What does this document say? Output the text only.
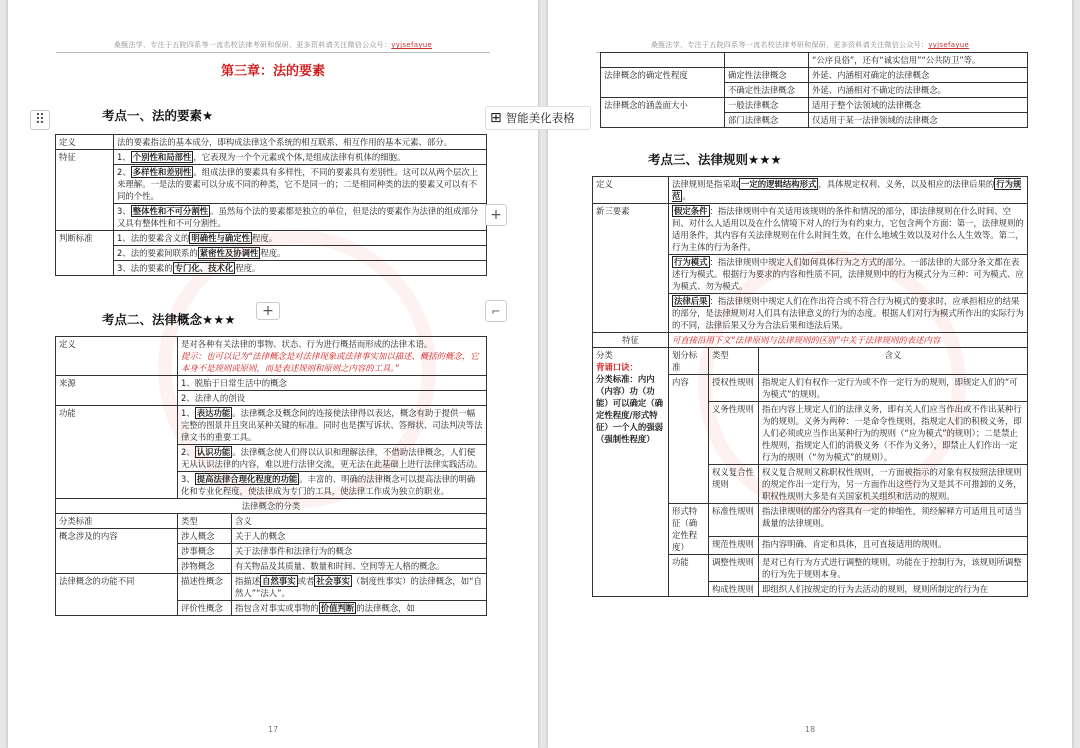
桑甄法学，专注于五院四系等一流名校法律考研和保研，更多资料请关注微信公众号：yyjsefayue
第三章：法的要素
考点一、法的要素★
定义	法的要素指法的基本成分，即构成法律这个系统的相互联系、相互作用的基本元素、部分。
特征	1、 个别性和局部性 ，它表现为一个个元素或个体,是组成法律有机体的细胞。
	2、 多样性和差别性 。组成法律的要素具有多样性，不同的要素具有差别性。这可以从两个层次上来理解。一是法的要素可以分成不同的种类，它不是同一的；二是相同种类的法的要素又可以有不同的个性。
	3、 整体性和不可分割性 。虽然每个法的要素都是独立的单位，但是法的要素作为法律的组成部分又具有整体性和不可分割性。
判断标准	1、法的要素含义的 明确性与确定性 程度。
	2、法的要素间联系的 紧密性及协调性 程度。
	3、法的要素的 专门化、技术化 程度。
考点二、法律概念★★★
定义	是对各种有关法律的事物、状态、行为进行概括而形成的法律术语。
提示：也可以记为“法律概念是对法律现象或法律事实加以描述、概括的概念，它本身不是规则或原则，而是表述规则和原则之内容的工具。”	
来源	1、脱胎于日常生活中的概念	
	2、法律人的创设	
功能	1、 表达功能 。法律概念及概念间的连接使法律得以表达，概念有助于提供一幅完整的图景并且突出某种关键的标准。同时也是撰写诉状、答辩状、司法判决等法律文书的重要工具。	
	2、 认识功能 。法律概念使人们得以认识和理解法律，不借助法律概念，人们便无从认识法律的内容，难以进行法律交流，更无法在此基础上进行法律实践活动。	
	3、 提高法律合理化程度的功能 。丰富的、明确的法律概念可以提高法律的明确化和专业化程度，使法律成为专门的工具，使法律工作成为独立的职业。	
法律概念的分类		
分类标准	类型	含义
概念涉及的内容	涉人概念	关于人的概念
	涉事概念	关于法律事件和法律行为的概念
	涉物概念	有关物品及其质量、数量和时间、空间等无人格的概念。
法律概念的功能不同	描述性概念	指描述 自然事实 或者 社会事实 （制度性事实）的法律概念，如“自然人”“法人”。
	评价性概念	指包含对事实或事物的 价值判断 的法律概念，如
17
⠿
+
桑甄法学，专注于五院四系等一流名校法律考研和保研，更多资料请关注微信公众号：yyjsefayue
		“公序良俗”，还有“诚实信用”“公共防卫”等。
法律概念的确定性程度	确定性法律概念	外延、内涵相对确定的法律概念
	不确定性法律概念	外延、内涵相对不确定的法律概念。
法律概念的涵盖面大小	一般法律概念	适用于整个法领域的法律概念
	部门法律概念	仅适用于某一法律领域的法律概念
考点三、法律规则★★★
定义	法律规则是指采取 一定的逻辑结构形式 ，具体规定权利、义务，以及相应的法律后果的 行为规范 。		
新三要素	假定条件 ：指法律规则中有关适用该规则的条件和情况的部分，即法律规则在什么时间、空间、对什么人适用以及在什么情境下对人的行为有约束力，它包含两个方面：第一，法律规则的适用条件，其内容有关法律规则在什么时间生效，在什么地域生效以及对什么人生效等。第二，行为主体的行为条件。		
	行为模式 ：指法律规则中规定人们如何具体行为之方式的部分。一部法律的大部分条文都在表述行为模式。根据行为要求的内容和性质不同，法律规则中的行为模式分为三种：可为模式、应为模式、勿为模式。		
	法律后果 ：指法律规则中规定人们在作出符合或不符合行为模式的要求时，应承担相应的结果的部分，是法律规则对人们具有法律意义的行为的态度。根据人们对行为模式所作出的实际行为的不同，法律后果又分为合法后果和违法后果。		
特征	可直接沿用下文“法律原则与法律规则的区别”中关于法律规则的表述内容		
分类
背诵口诀：
分类标准：内内（内容）功（功能）可以确定（确定性程度/形式特征）一个人的强弱（强制性程度）	划分标准	类型	含义
	内容	授权性规则	指规定人们有权作一定行为或不作一定行为的规则，即规定人们的“可为模式”的规则。
		义务性规则	指在内容上规定人们的法律义务，即有关人们应当作出或不作出某种行为的规则。义务为两种：一是命令性规则，指规定人们的积极义务，即人们必须或应当作出某种行为的规则（“应为模式”的规则）；二是禁止性规则，指规定人们的消极义务（不作为义务），即禁止人们作出一定行为的规则（“勿为模式”的规则）。
		权义复合性规则	权义复合规则又称职权性规则，一方面被指示的对象有权按照法律规则的规定作出一定行为，另一方面作出这些行为又是其不可推卸的义务，职权性规则大多是有关国家机关组织和活动的规则。
	形式特征（确定性程度）	标准性规则	指法律规则的部分内容具有一定的伸缩性，须经解释方可适用且可适当裁量的法律规则。
		规范性规则	指内容明确、肯定和具体，且可直接适用的规则。
	功能	调整性规则	是对已有行为方式进行调整的规则，功能在于控制行为，该规则所调整的行为先于规则本身。
		构成性规则	即组织人们按规定的行为去活动的规则，规则所制定的行为在
18
⊞ 智能美化表格
+
⌐
